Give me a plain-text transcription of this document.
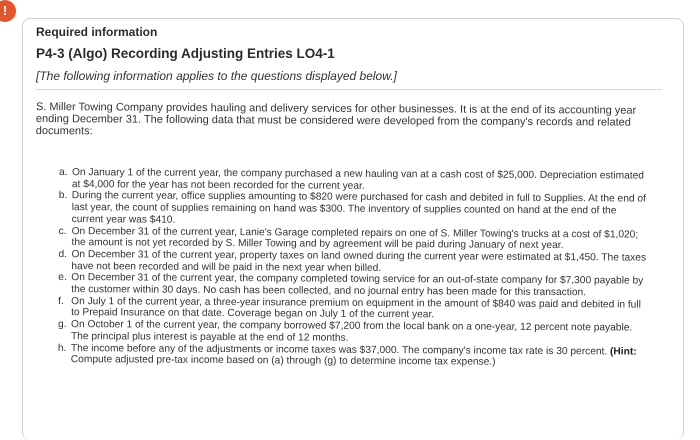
!
Required information
P4-3 (Algo) Recording Adjusting Entries LO4-1
[The following information applies to the questions displayed below.]
S. Miller Towing Company provides hauling and delivery services for other businesses. It is at the end of its accounting year ending December 31. The following data that must be considered were developed from the company's records and related documents:
a. On January 1 of the current year, the company purchased a new hauling van at a cash cost of $25,000. Depreciation estimated at $4,000 for the year has not been recorded for the current year.
b. During the current year, office supplies amounting to $820 were purchased for cash and debited in full to Supplies. At the end of last year, the count of supplies remaining on hand was $300. The inventory of supplies counted on hand at the end of the current year was $410.
c. On December 31 of the current year, Lanie's Garage completed repairs on one of S. Miller Towing's trucks at a cost of $1,020; the amount is not yet recorded by S. Miller Towing and by agreement will be paid during January of next year.
d. On December 31 of the current year, property taxes on land owned during the current year were estimated at $1,450. The taxes have not been recorded and will be paid in the next year when billed.
e. On December 31 of the current year, the company completed towing service for an out-of-state company for $7,300 payable by the customer within 30 days. No cash has been collected, and no journal entry has been made for this transaction.
f. On July 1 of the current year, a three-year insurance premium on equipment in the amount of $840 was paid and debited in full to Prepaid Insurance on that date. Coverage began on July 1 of the current year.
g. On October 1 of the current year, the company borrowed $7,200 from the local bank on a one-year, 12 percent note payable. The principal plus interest is payable at the end of 12 months.
h. The income before any of the adjustments or income taxes was $37,000. The company's income tax rate is 30 percent. (Hint: Compute adjusted pre-tax income based on (a) through (g) to determine income tax expense.)
